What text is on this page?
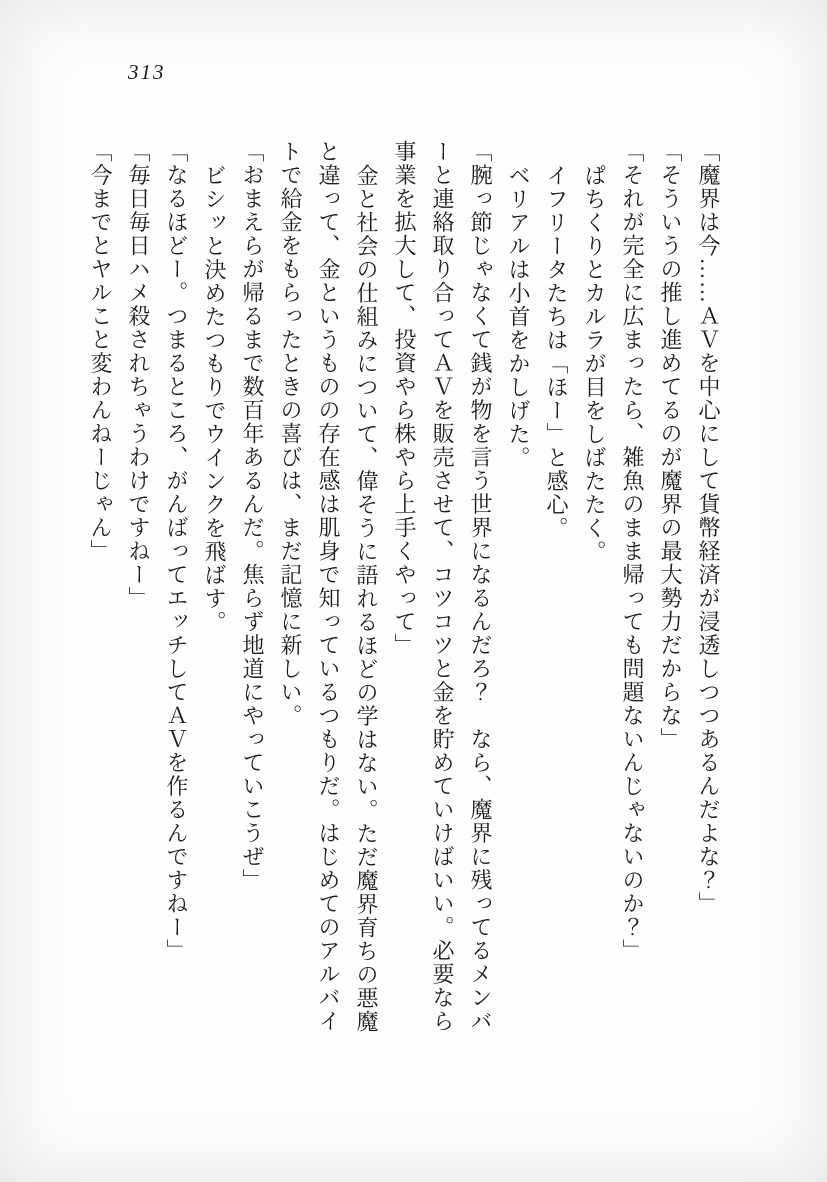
313

「魔界は今……ＡＶを中心にして貨幣経済が浸透しつつあるんだよな？」

「そういうの推し進めてるのが魔界の最大勢力だからな」

「それが完全に広まったら、雑魚のまま帰っても問題ないんじゃないのか？」

ぱちくりとカルラが目をしばたたく。

イフリータたちは「ほー」と感心。

ベリアルは小首をかしげた。

「腕っ節じゃなくて銭が物を言う世界になるんだろ？　なら、魔界に残ってるメンバ

ーと連絡取り合ってＡＶを販売させて、コツコツと金を貯めていけばいい。必要なら

事業を拡大して、投資やら株やら上手くやって」

金と社会の仕組みについて、偉そうに語れるほどの学はない。ただ魔界育ちの悪魔

と違って、金というものの存在感は肌身で知っているつもりだ。はじめてのアルバイ

トで給金をもらったときの喜びは、まだ記憶に新しい。

「おまえらが帰るまで数百年あるんだ。焦らず地道にやっていこうぜ」

ビシッと決めたつもりでウインクを飛ばす。

「なるほどー。つまるところ、がんばってエッチしてＡＶを作るんですねー」

「毎日毎日ハメ殺されちゃうわけですねー」

「今までとヤルこと変わんねーじゃん」
